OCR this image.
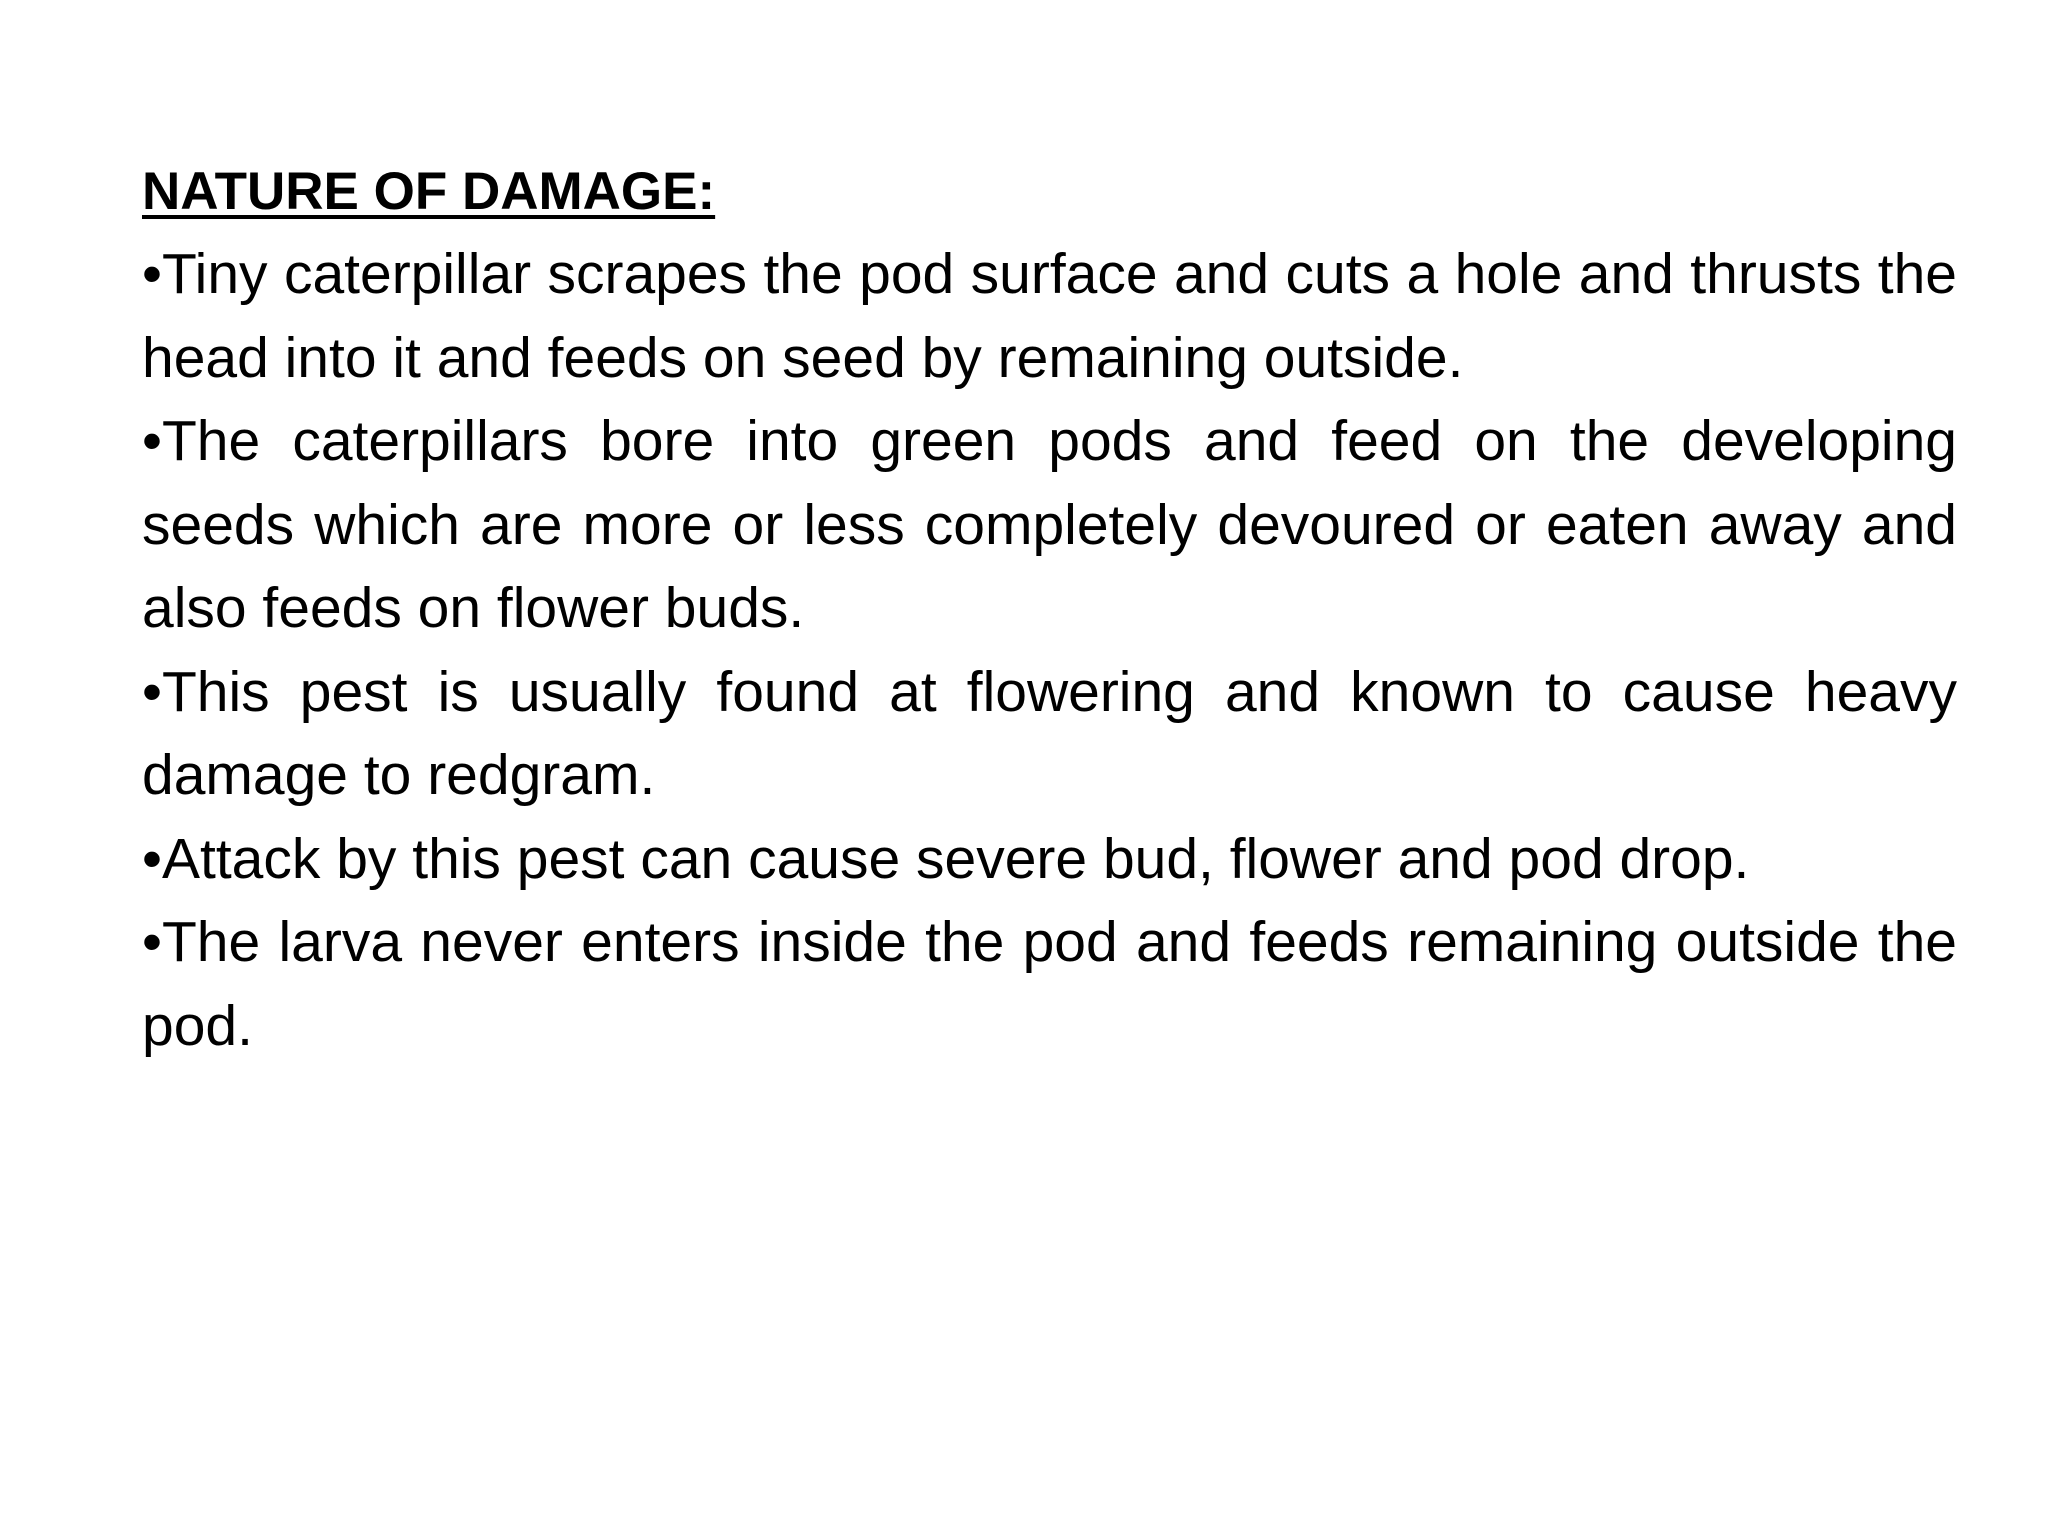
NATURE OF DAMAGE:
•Tiny caterpillar scrapes the pod surface and cuts a hole and thrusts the head into it and feeds on seed by remaining outside.
•The caterpillars bore into green pods and feed on the developing seeds which are more or less completely devoured or eaten away and also feeds on flower buds.
•This pest is usually found at flowering and known to cause heavy damage to redgram.
•Attack by this pest can cause severe bud, flower and pod drop.
•The larva never enters inside the pod and feeds remaining outside the pod.
